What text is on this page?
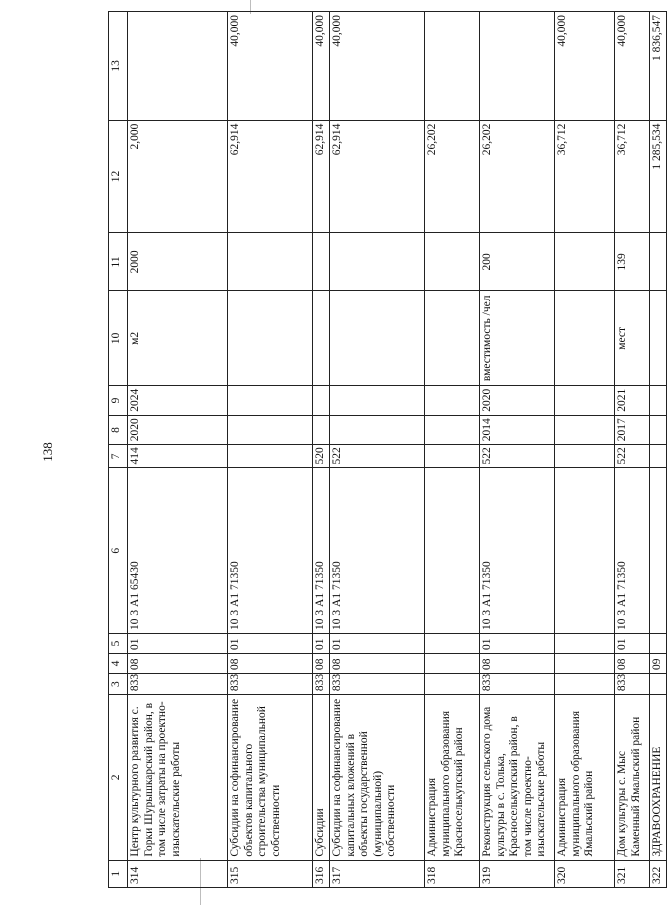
138
1	2	3	4	5	6	7	8	9	10	11	12	13
314	Центр культурного развития с. Горки Шурышкарский район, в том числе затраты на проектно-изыскательские работы	833	08	01	10 3 А1 65430	414	2020	2024	м2	2000	2,000	
315	Субсидии на софинансирование объектов капитального строительства муниципальной собственности	833	08	01	10 3 А1 71350						62,914	40,000
316	Субсидии	833	08	01	10 3 А1 71350	520					62,914	40,000
317	Субсидии на софинансирование капитальных вложений в объекты государственной (муниципальной) собственности	833	08	01	10 3 А1 71350	522					62,914	40,000
318	Администрация муниципального образования Красноселькупский район										26,202	
319	Реконструкция сельского дома культуры в с. Толька, Красноселькупский район, в том числе проектно-изыскательские работы	833	08	01	10 3 А1 71350	522	2014	2020	вместимость /чел	200	26,202	
320	Администрация муниципального образования Ямальский район										36,712	40,000
321	Дом культуры с. Мыс Каменный Ямальский район	833	08	01	10 3 А1 71350	522	2017	2021	мест	139	36,712	40,000
322	ЗДРАВООХРАНЕНИЕ		09								1 285,534	1 836,547
